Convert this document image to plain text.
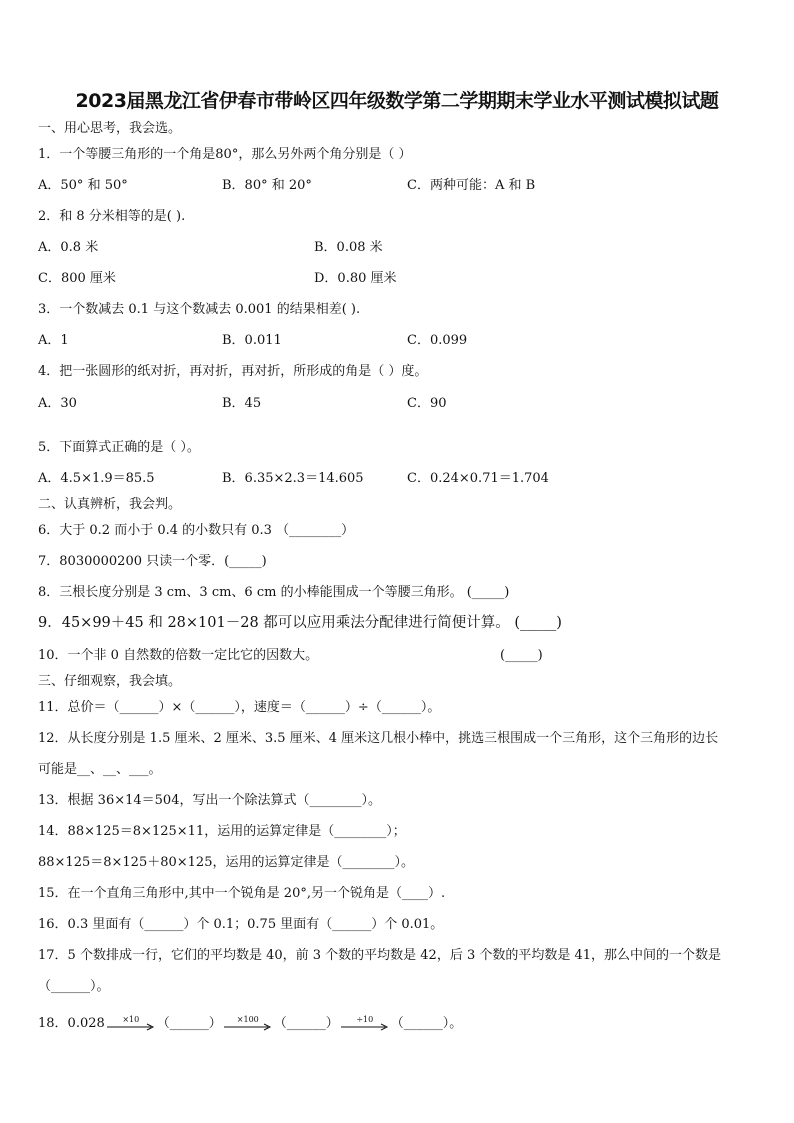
2023届黑龙江省伊春市带岭区四年级数学第二学期期末学业水平测试模拟试题
一、用心思考，我会选。
1．一个等腰三角形的一个角是80°，那么另外两个角分别是（ ）
A．50° 和 50°	B．80° 和 20°	C．两种可能：A 和 B
2．和 8 分米相等的是( ).
A．0.8 米	B．0.08 米
C．800 厘米	D．0.80 厘米
3．一个数减去 0.1 与这个数减去 0.001 的结果相差( ).
A．1	B．0.011	C．0.099
4．把一张圆形的纸对折，再对折，再对折，所形成的角是（ ）度。
A．30	B．45	C．90
5．下面算式正确的是（ ）。
A．4.5×1.9＝85.5	B．6.35×2.3＝14.605	C．0.24×0.71＝1.704
二、认真辨析，我会判。
6．大于 0.2 而小于 0.4 的小数只有 0.3 （________）
7．8030000200 只读一个零．(_____)
8．三根长度分别是 3 cm、3 cm、6 cm 的小棒能围成一个等腰三角形。 (_____)
9．45×99＋45 和 28×101－28 都可以应用乘法分配律进行简便计算。 (_____)
10．一个非 0 自然数的倍数一定比它的因数大。	(_____)
三、仔细观察，我会填。
11．总价＝（______）×（______），速度＝（______）÷（______）。
12．从长度分别是 1.5 厘米、2 厘米、3.5 厘米、4 厘米这几根小棒中，挑选三根围成一个三角形，这个三角形的边长
可能是__、__、___。
13．根据 36×14＝504，写出一个除法算式（________）。
14．88×125＝8×125×11，运用的运算定律是（________）；
88×125＝8×125＋80×125，运用的运算定律是（________）。
15．在一个直角三角形中,其中一个锐角是 20°,另一个锐角是（____）.
16．0.3 里面有（______）个 0.1；0.75 里面有（______）个 0.01。
17．5 个数排成一行，它们的平均数是 40，前 3 个数的平均数是 42，后 3 个数的平均数是 41，那么中间的一个数是
（______）。
18．0.028	×10	（______）	×100	（______）	÷10	（______）。
